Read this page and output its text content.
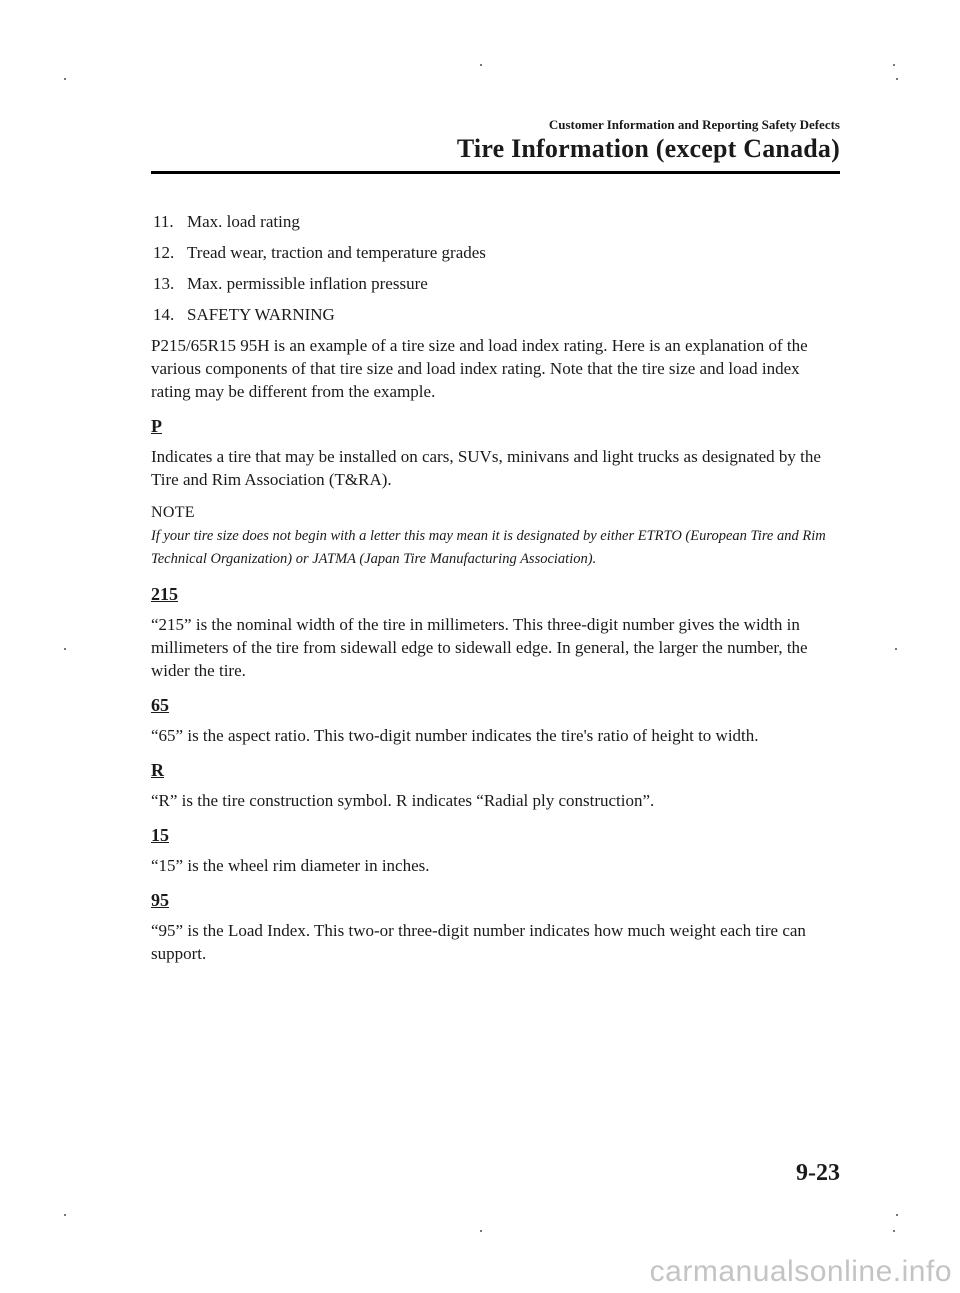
Customer Information and Reporting Safety Defects
Tire Information (except Canada)
11. Max. load rating
12. Tread wear, traction and temperature grades
13. Max. permissible inflation pressure
14. SAFETY WARNING

P215/65R15 95H is an example of a tire size and load index rating. Here is an explanation of the various components of that tire size and load index rating. Note that the tire size and load index rating may be different from the example.

P

Indicates a tire that may be installed on cars, SUVs, minivans and light trucks as designated by the Tire and Rim Association (T&RA).

NOTE

If your tire size does not begin with a letter this may mean it is designated by either ETRTO (European Tire and Rim Technical Organization) or JATMA (Japan Tire Manufacturing Association).

215

“215” is the nominal width of the tire in millimeters. This three-digit number gives the width in millimeters of the tire from sidewall edge to sidewall edge. In general, the larger the number, the wider the tire.

65

“65” is the aspect ratio. This two-digit number indicates the tire's ratio of height to width.

R

“R” is the tire construction symbol. R indicates “Radial ply construction”.

15

“15” is the wheel rim diameter in inches.

95

“95” is the Load Index. This two-or three-digit number indicates how much weight each tire can support.

9-23
carmanualsonline.info
